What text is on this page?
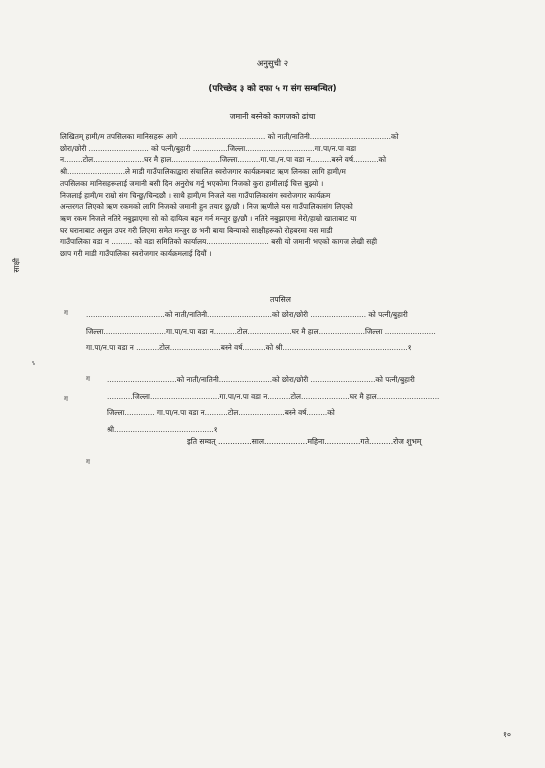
अनुसुची २
(परिच्छेद ३ को दफा ५ ग संग सम्बन्धित)
जमानी बस्नेको कागजको ढांचा
लिखितम् हामी/म तपसिलका मानिसहरू आगे ..................................... को नाती/नातिनी...................................को
छोरा/छोरी .......................... को पत्नी/बुहारी ...............जिल्ला..............................गा.पा/न.पा वडा
न........टोल......................घर मै हाल.....................जिल्ला..........गा.पा./न.पा वडा न.........बस्ने वर्ष...........को
श्री.........................ले माडी गाउँपालिकाद्वारा संचालित स्वरोजगार कार्यक्रमबाट ऋण लिनका लागि हामी/म
तपसिलका मानिसहरूलाई जमानी बसी दिन अनुरोध गर्नु भएकोमा निजको कुरा हामीलाई चित्त बुझ्यो ।
निजलाई हामी/म राम्रो संग चिन्छु/चिन्दछौ । साथै हामी/म निजले यस गाउँपालिकासंग स्वरोजगार कार्यक्रम
अन्तरगत लिएको ऋण रकमको लागि निजको जमानी हुन तयार छु/छौ । निज ऋणीले यस गाउँपालिकासंग लिएको
ऋण रकम निजले नतिरे नबुझाएमा सो को दायित्व बहन गर्न मन्जुर छु/छौ । नतिरे नबुझाएमा मेरो/हाम्रो खाताबाट या
घर घरानाबाट असुल उपर गरी लिएमा समेत मन्जुर छ भनी बाया बिन्याको साक्षीहरूको रोहबरमा यस माडी
गाउँपालिका वडा न ......... को वडा समितिको कार्यालय........................... बसी यो जमानी भएको कागज लेखी सही
छाप गरी माडी गाउँपालिका स्वरोजगार कार्यक्रमलाई दियौं ।
साक्षी
तपसिल
ग ..................................को नाती/नातिनी............................को छोरा/छोरी ........................ को पत्नी/बुहारी
जिल्ला...........................गा.पा/न.पा वडा न..........टोल...................घर मै हाल....................जिल्ला ......................
गा.पा/न.पा वडा न ..........टोल......................बस्ने वर्ष..........को श्री......................................................१
ग
ग
..............................को नाती/नातिनी.......................को छोरा/छोरी ............................को पत्नी/बुहारी
...........जिल्ला..............................गा.पा/न.पा वडा न..........टोल.....................घर मै हाल...........................
जिल्ला............. गा.पा/न.पा वडा न..........टोल....................बस्ने वर्ष.........को
श्री...........................................१
इति सम्वत् ..............साल..................महिना...............गते..........रोज शुभम्
ग
१०
